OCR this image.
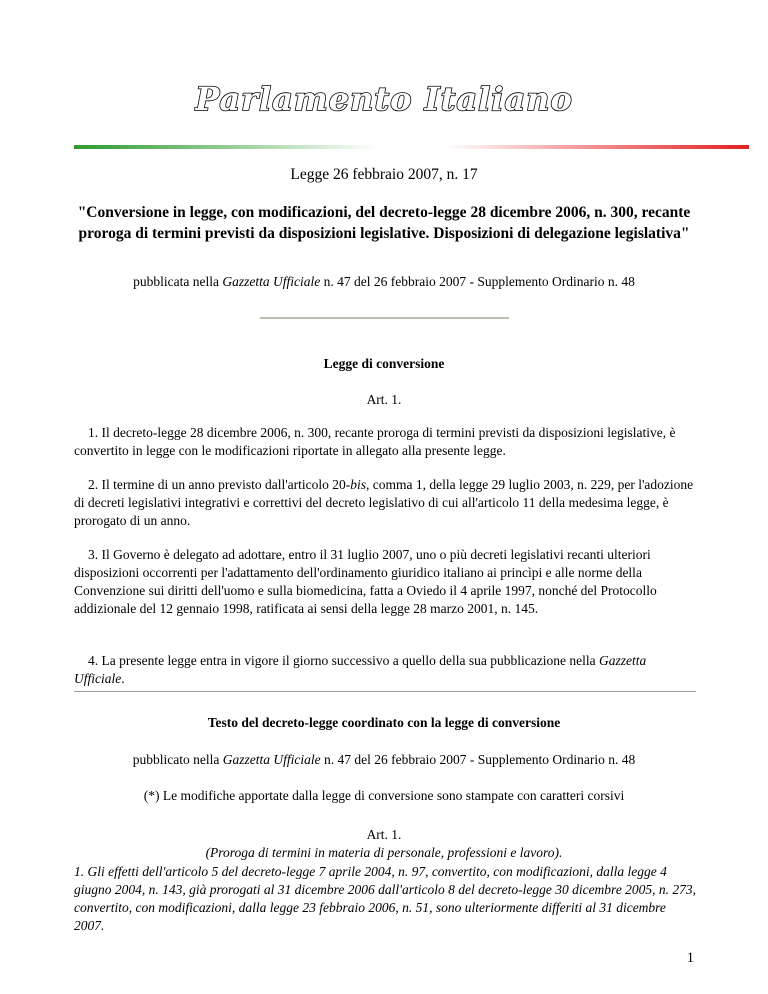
Parlamento Italiano
Legge 26 febbraio 2007, n. 17
"Conversione in legge, con modificazioni, del decreto-legge 28 dicembre 2006, n. 300, recante proroga di termini previsti da disposizioni legislative. Disposizioni di delegazione legislativa"
pubblicata nella Gazzetta Ufficiale n. 47 del 26 febbraio 2007 - Supplemento Ordinario n. 48
Legge di conversione
Art. 1.
1. Il decreto-legge 28 dicembre 2006, n. 300, recante proroga di termini previsti da disposizioni legislative, è convertito in legge con le modificazioni riportate in allegato alla presente legge.
2. Il termine di un anno previsto dall'articolo 20-bis, comma 1, della legge 29 luglio 2003, n. 229, per l'adozione di decreti legislativi integrativi e correttivi del decreto legislativo di cui all'articolo 11 della medesima legge, è prorogato di un anno.
3. Il Governo è delegato ad adottare, entro il 31 luglio 2007, uno o più decreti legislativi recanti ulteriori disposizioni occorrenti per l'adattamento dell'ordinamento giuridico italiano ai princìpi e alle norme della Convenzione sui diritti dell'uomo e sulla biomedicina, fatta a Oviedo il 4 aprile 1997, nonché del Protocollo addizionale del 12 gennaio 1998, ratificata ai sensi della legge 28 marzo 2001, n. 145.
4. La presente legge entra in vigore il giorno successivo a quello della sua pubblicazione nella Gazzetta Ufficiale.
Testo del decreto-legge coordinato con la legge di conversione
pubblicato nella Gazzetta Ufficiale n. 47 del 26 febbraio 2007 - Supplemento Ordinario n. 48
(*) Le modifiche apportate dalla legge di conversione sono stampate con caratteri corsivi
Art. 1.
(Proroga di termini in materia di personale, professioni e lavoro).
1. Gli effetti dell'articolo 5 del decreto-legge 7 aprile 2004, n. 97, convertito, con modificazioni, dalla legge 4 giugno 2004, n. 143, già prorogati al 31 dicembre 2006 dall'articolo 8 del decreto-legge 30 dicembre 2005, n. 273, convertito, con modificazioni, dalla legge 23 febbraio 2006, n. 51, sono ulteriormente differiti al 31 dicembre 2007.
1
